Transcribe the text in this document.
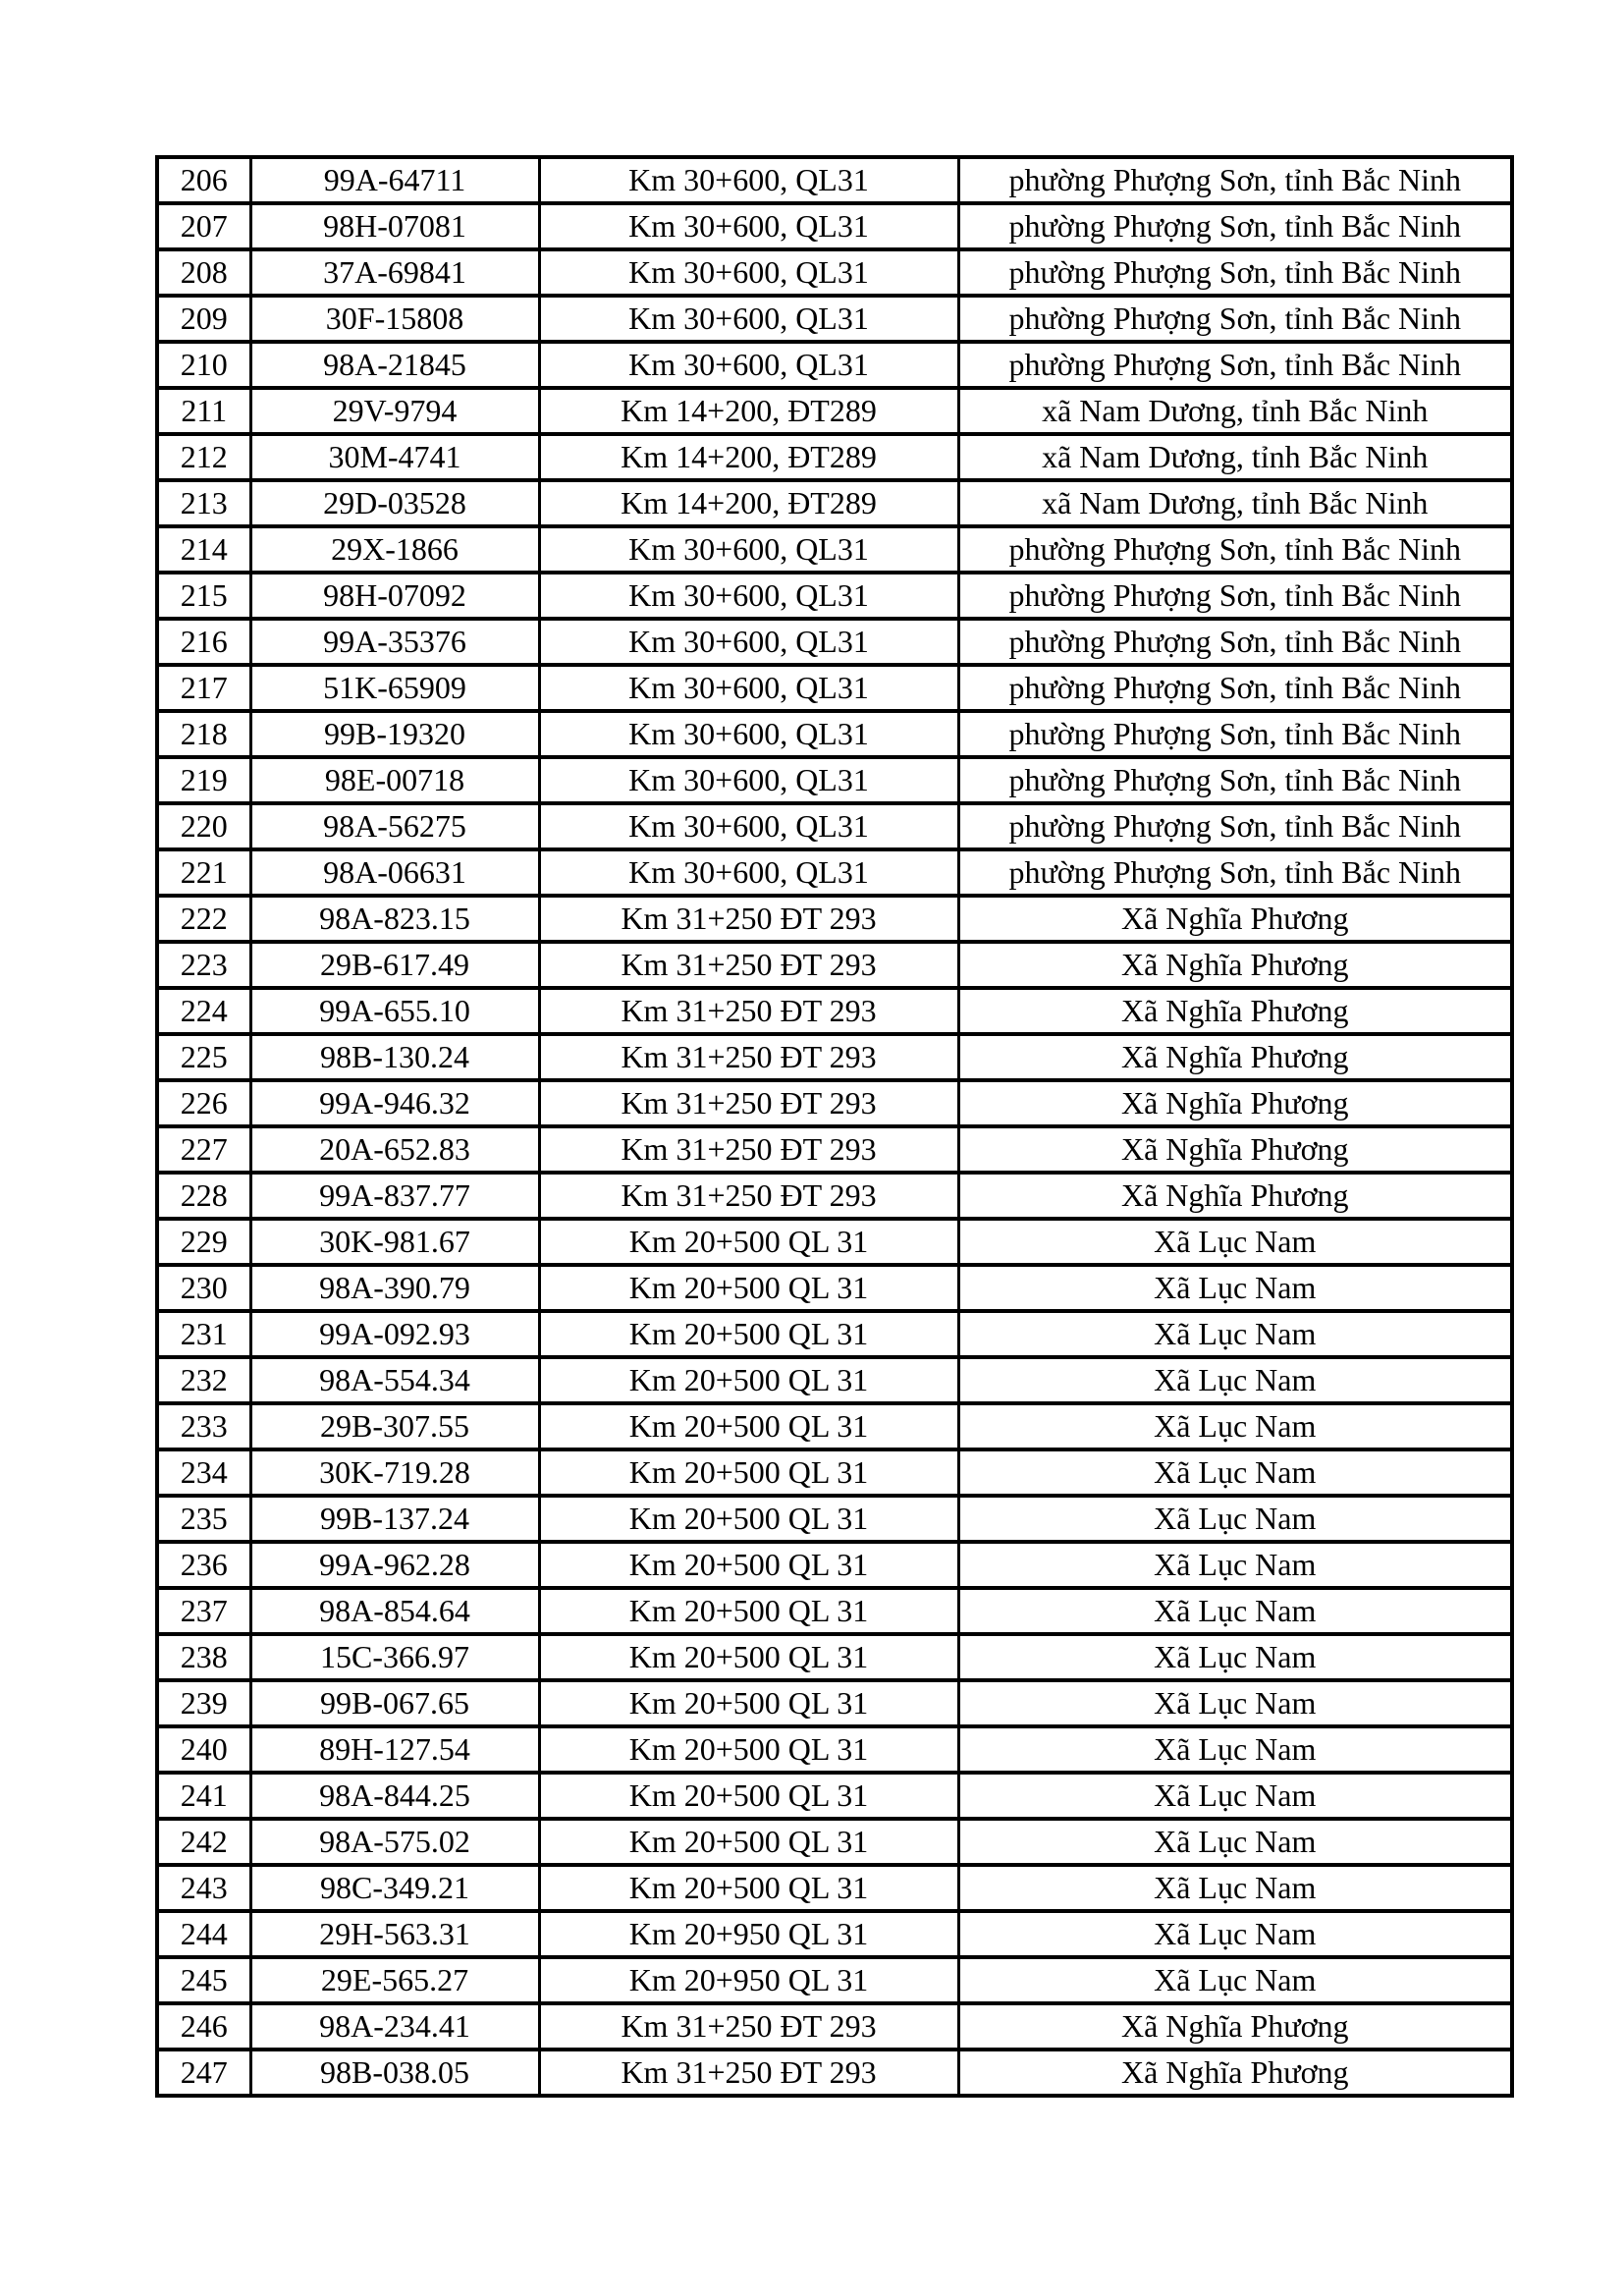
206	99A-64711	Km 30+600, QL31	phường Phượng Sơn, tỉnh Bắc Ninh
207	98H-07081	Km 30+600, QL31	phường Phượng Sơn, tỉnh Bắc Ninh
208	37A-69841	Km 30+600, QL31	phường Phượng Sơn, tỉnh Bắc Ninh
209	30F-15808	Km 30+600, QL31	phường Phượng Sơn, tỉnh Bắc Ninh
210	98A-21845	Km 30+600, QL31	phường Phượng Sơn, tỉnh Bắc Ninh
211	29V-9794	Km 14+200, ĐT289	xã Nam Dương, tỉnh Bắc Ninh
212	30M-4741	Km 14+200, ĐT289	xã Nam Dương, tỉnh Bắc Ninh
213	29D-03528	Km 14+200, ĐT289	xã Nam Dương, tỉnh Bắc Ninh
214	29X-1866	Km 30+600, QL31	phường Phượng Sơn, tỉnh Bắc Ninh
215	98H-07092	Km 30+600, QL31	phường Phượng Sơn, tỉnh Bắc Ninh
216	99A-35376	Km 30+600, QL31	phường Phượng Sơn, tỉnh Bắc Ninh
217	51K-65909	Km 30+600, QL31	phường Phượng Sơn, tỉnh Bắc Ninh
218	99B-19320	Km 30+600, QL31	phường Phượng Sơn, tỉnh Bắc Ninh
219	98E-00718	Km 30+600, QL31	phường Phượng Sơn, tỉnh Bắc Ninh
220	98A-56275	Km 30+600, QL31	phường Phượng Sơn, tỉnh Bắc Ninh
221	98A-06631	Km 30+600, QL31	phường Phượng Sơn, tỉnh Bắc Ninh
222	98A-823.15	Km 31+250 ĐT 293	Xã Nghĩa Phương
223	29B-617.49	Km 31+250 ĐT 293	Xã Nghĩa Phương
224	99A-655.10	Km 31+250 ĐT 293	Xã Nghĩa Phương
225	98B-130.24	Km 31+250 ĐT 293	Xã Nghĩa Phương
226	99A-946.32	Km 31+250 ĐT 293	Xã Nghĩa Phương
227	20A-652.83	Km 31+250 ĐT 293	Xã Nghĩa Phương
228	99A-837.77	Km 31+250 ĐT 293	Xã Nghĩa Phương
229	30K-981.67	Km 20+500 QL 31	Xã Lục Nam
230	98A-390.79	Km 20+500 QL 31	Xã Lục Nam
231	99A-092.93	Km 20+500 QL 31	Xã Lục Nam
232	98A-554.34	Km 20+500 QL 31	Xã Lục Nam
233	29B-307.55	Km 20+500 QL 31	Xã Lục Nam
234	30K-719.28	Km 20+500 QL 31	Xã Lục Nam
235	99B-137.24	Km 20+500 QL 31	Xã Lục Nam
236	99A-962.28	Km 20+500 QL 31	Xã Lục Nam
237	98A-854.64	Km 20+500 QL 31	Xã Lục Nam
238	15C-366.97	Km 20+500 QL 31	Xã Lục Nam
239	99B-067.65	Km 20+500 QL 31	Xã Lục Nam
240	89H-127.54	Km 20+500 QL 31	Xã Lục Nam
241	98A-844.25	Km 20+500 QL 31	Xã Lục Nam
242	98A-575.02	Km 20+500 QL 31	Xã Lục Nam
243	98C-349.21	Km 20+500 QL 31	Xã Lục Nam
244	29H-563.31	Km 20+950 QL 31	Xã Lục Nam
245	29E-565.27	Km 20+950 QL 31	Xã Lục Nam
246	98A-234.41	Km 31+250 ĐT 293	Xã Nghĩa Phương
247	98B-038.05	Km 31+250 ĐT 293	Xã Nghĩa Phương
